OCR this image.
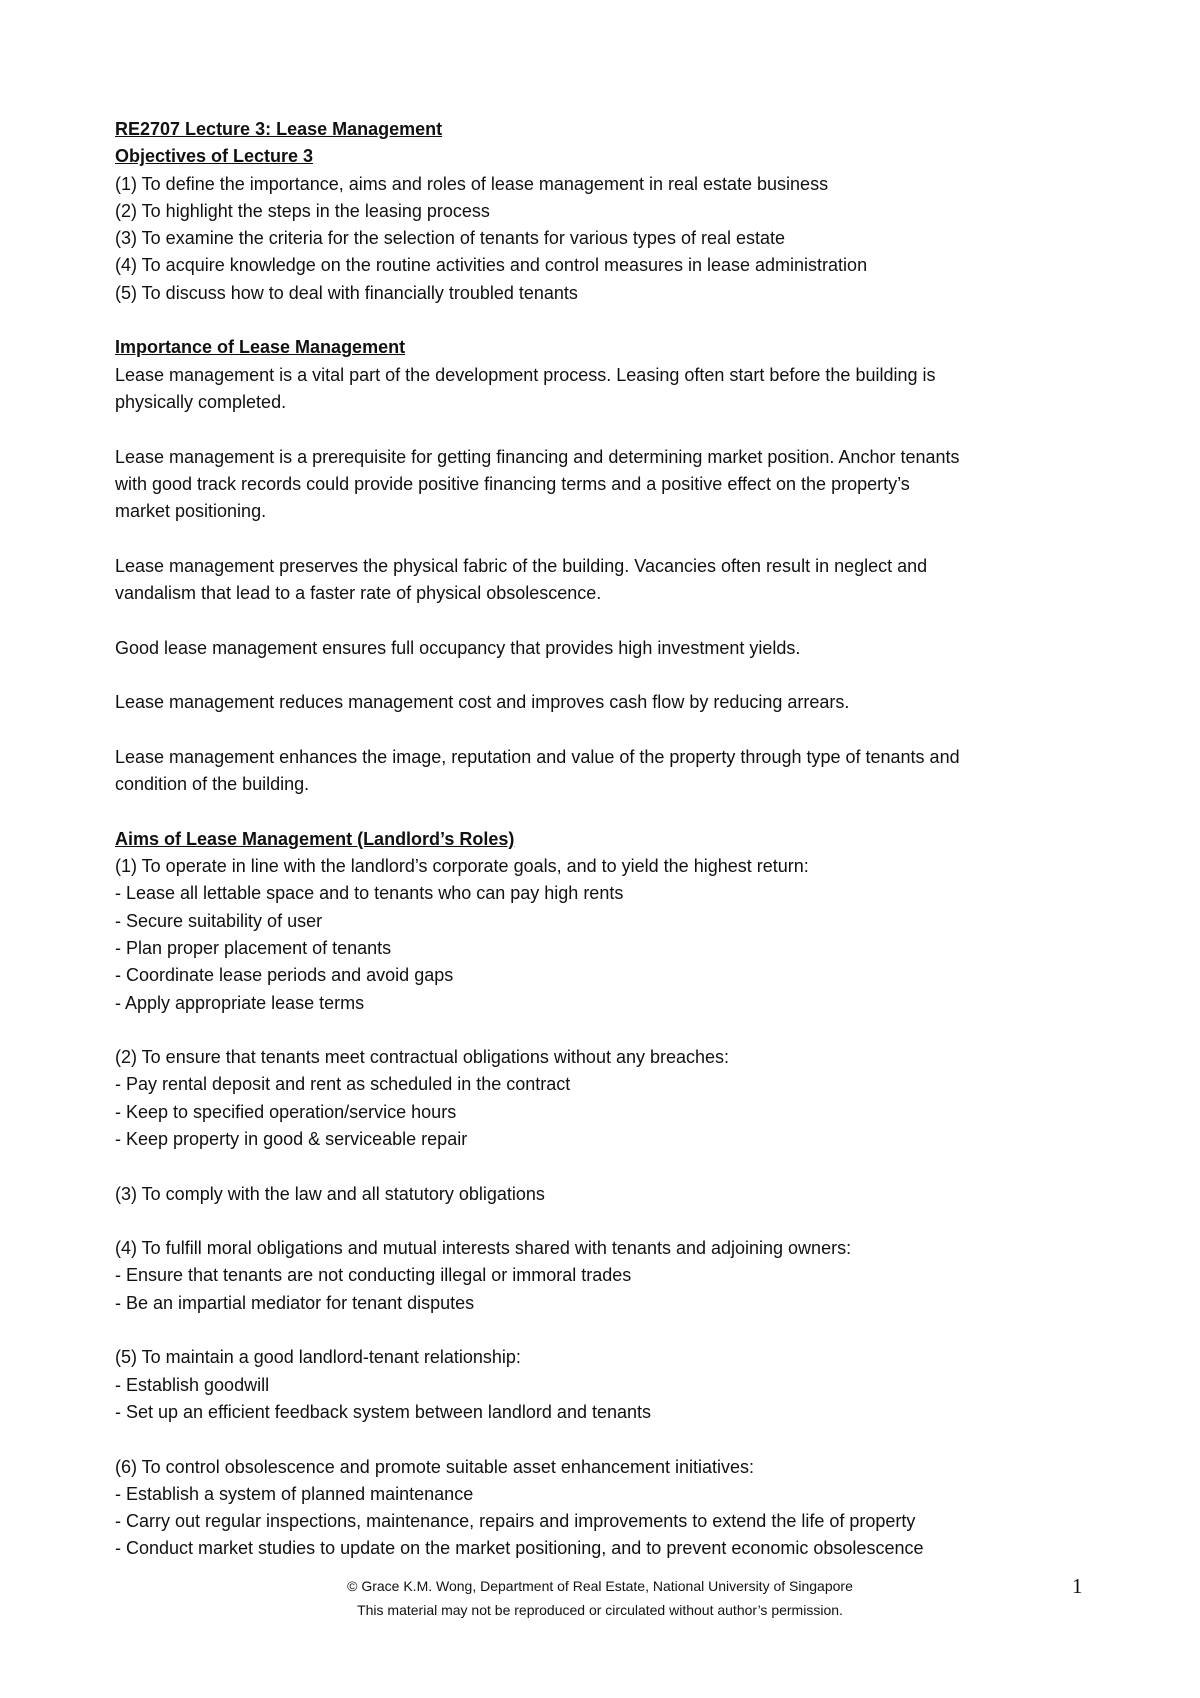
RE2707 Lecture 3: Lease Management
Objectives of Lecture 3
(1) To define the importance, aims and roles of lease management in real estate business
(2) To highlight the steps in the leasing process
(3) To examine the criteria for the selection of tenants for various types of real estate
(4) To acquire knowledge on the routine activities and control measures in lease administration
(5) To discuss how to deal with financially troubled tenants
Importance of Lease Management
Lease management is a vital part of the development process. Leasing often start before the building is
physically completed.
Lease management is a prerequisite for getting financing and determining market position. Anchor tenants
with good track records could provide positive financing terms and a positive effect on the property’s
market positioning.
Lease management preserves the physical fabric of the building. Vacancies often result in neglect and
vandalism that lead to a faster rate of physical obsolescence.
Good lease management ensures full occupancy that provides high investment yields.
Lease management reduces management cost and improves cash flow by reducing arrears.
Lease management enhances the image, reputation and value of the property through type of tenants and
condition of the building.
Aims of Lease Management (Landlord’s Roles)
(1) To operate in line with the landlord’s corporate goals, and to yield the highest return:
- Lease all lettable space and to tenants who can pay high rents
- Secure suitability of user
- Plan proper placement of tenants
- Coordinate lease periods and avoid gaps
- Apply appropriate lease terms
(2) To ensure that tenants meet contractual obligations without any breaches:
- Pay rental deposit and rent as scheduled in the contract
- Keep to specified operation/service hours
- Keep property in good & serviceable repair
(3) To comply with the law and all statutory obligations
(4) To fulfill moral obligations and mutual interests shared with tenants and adjoining owners:
- Ensure that tenants are not conducting illegal or immoral trades
- Be an impartial mediator for tenant disputes
(5) To maintain a good landlord-tenant relationship:
- Establish goodwill
- Set up an efficient feedback system between landlord and tenants
(6) To control obsolescence and promote suitable asset enhancement initiatives:
- Establish a system of planned maintenance
- Carry out regular inspections, maintenance, repairs and improvements to extend the life of property
- Conduct market studies to update on the market positioning, and to prevent economic obsolescence
© Grace K.M. Wong, Department of Real Estate, National University of Singapore
This material may not be reproduced or circulated without author’s permission.
1
